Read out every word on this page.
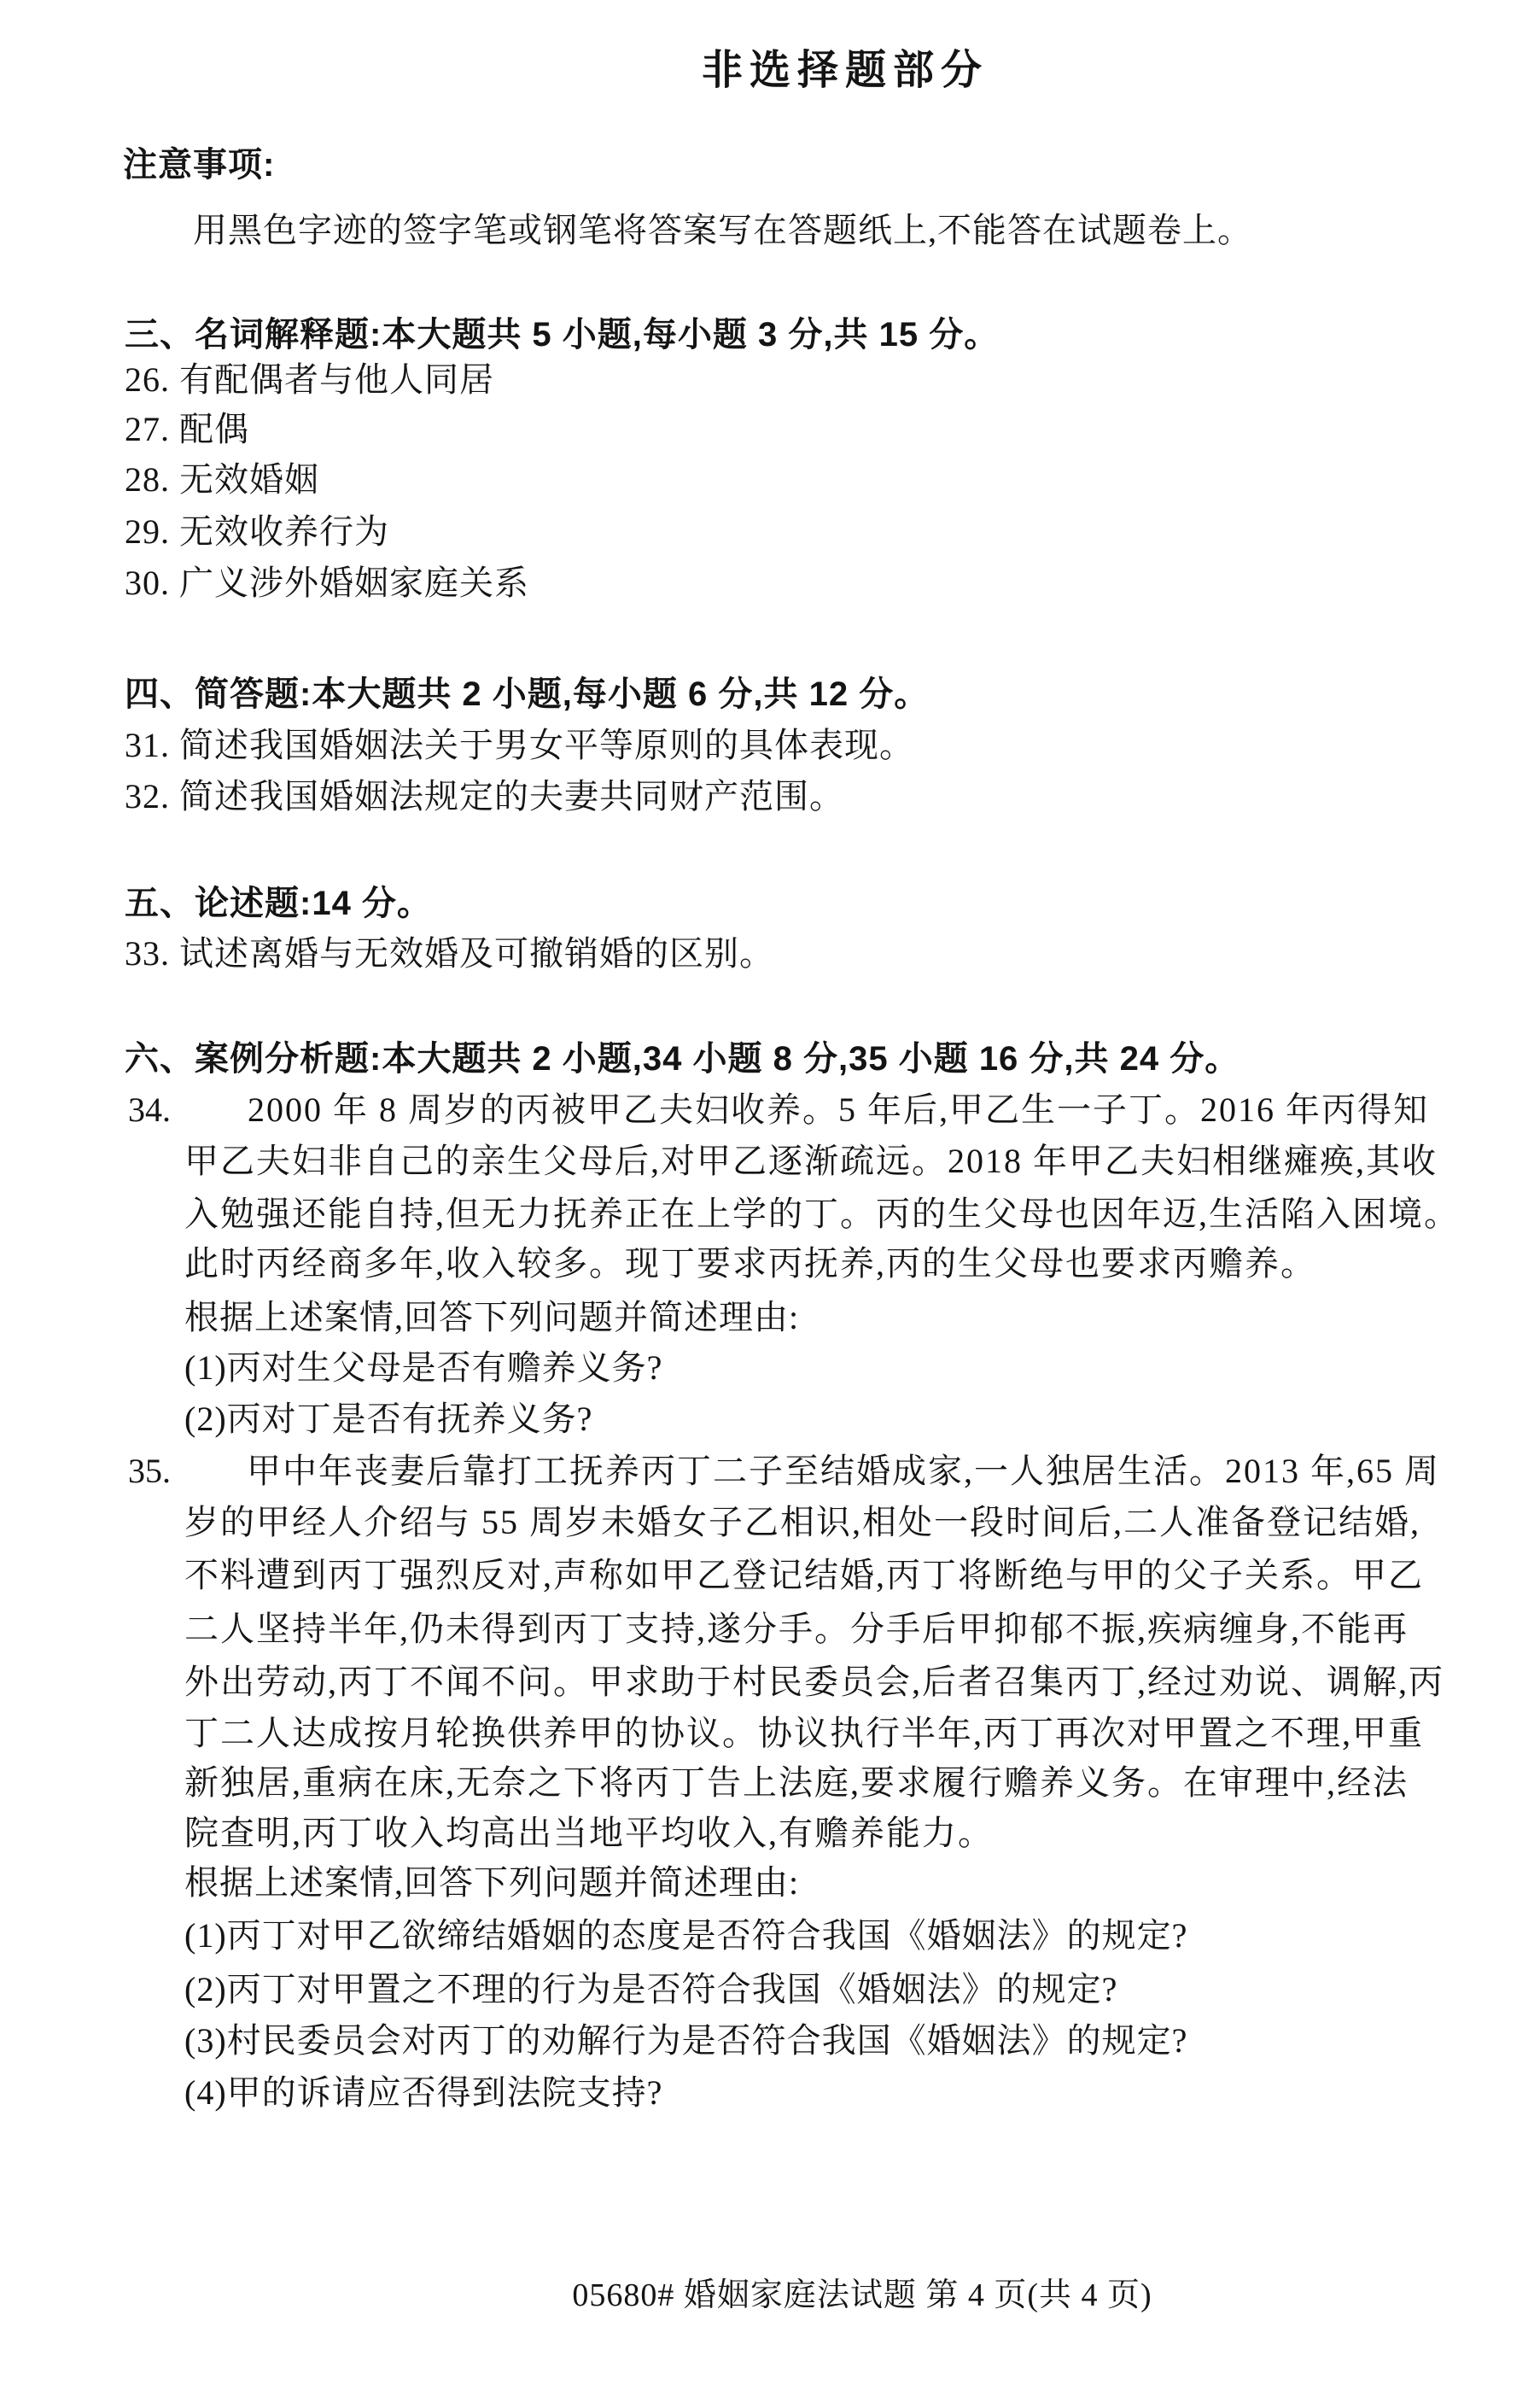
非选择题部分
注意事项:
用黑色字迹的签字笔或钢笔将答案写在答题纸上,不能答在试题卷上。
三、名词解释题:本大题共 5 小题,每小题 3 分,共 15 分。
26. 有配偶者与他人同居
27. 配偶
28. 无效婚姻
29. 无效收养行为
30. 广义涉外婚姻家庭关系
四、简答题:本大题共 2 小题,每小题 6 分,共 12 分。
31. 简述我国婚姻法关于男女平等原则的具体表现。
32. 简述我国婚姻法规定的夫妻共同财产范围。
五、论述题:14 分。
33. 试述离婚与无效婚及可撤销婚的区别。
六、案例分析题:本大题共 2 小题,34 小题 8 分,35 小题 16 分,共 24 分。
34. 2000 年 8 周岁的丙被甲乙夫妇收养。5 年后,甲乙生一子丁。2016 年丙得知
甲乙夫妇非自己的亲生父母后,对甲乙逐渐疏远。2018 年甲乙夫妇相继瘫痪,其收
入勉强还能自持,但无力抚养正在上学的丁。丙的生父母也因年迈,生活陷入困境。
此时丙经商多年,收入较多。现丁要求丙抚养,丙的生父母也要求丙赡养。
根据上述案情,回答下列问题并简述理由:
(1)丙对生父母是否有赡养义务?
(2)丙对丁是否有抚养义务?
35. 甲中年丧妻后靠打工抚养丙丁二子至结婚成家,一人独居生活。2013 年,65 周
岁的甲经人介绍与 55 周岁未婚女子乙相识,相处一段时间后,二人准备登记结婚,
不料遭到丙丁强烈反对,声称如甲乙登记结婚,丙丁将断绝与甲的父子关系。甲乙
二人坚持半年,仍未得到丙丁支持,遂分手。分手后甲抑郁不振,疾病缠身,不能再
外出劳动,丙丁不闻不问。甲求助于村民委员会,后者召集丙丁,经过劝说、调解,丙
丁二人达成按月轮换供养甲的协议。协议执行半年,丙丁再次对甲置之不理,甲重
新独居,重病在床,无奈之下将丙丁告上法庭,要求履行赡养义务。在审理中,经法
院查明,丙丁收入均高出当地平均收入,有赡养能力。
根据上述案情,回答下列问题并简述理由:
(1)丙丁对甲乙欲缔结婚姻的态度是否符合我国《婚姻法》的规定?
(2)丙丁对甲置之不理的行为是否符合我国《婚姻法》的规定?
(3)村民委员会对丙丁的劝解行为是否符合我国《婚姻法》的规定?
(4)甲的诉请应否得到法院支持?
05680# 婚姻家庭法试题 第 4 页(共 4 页)
